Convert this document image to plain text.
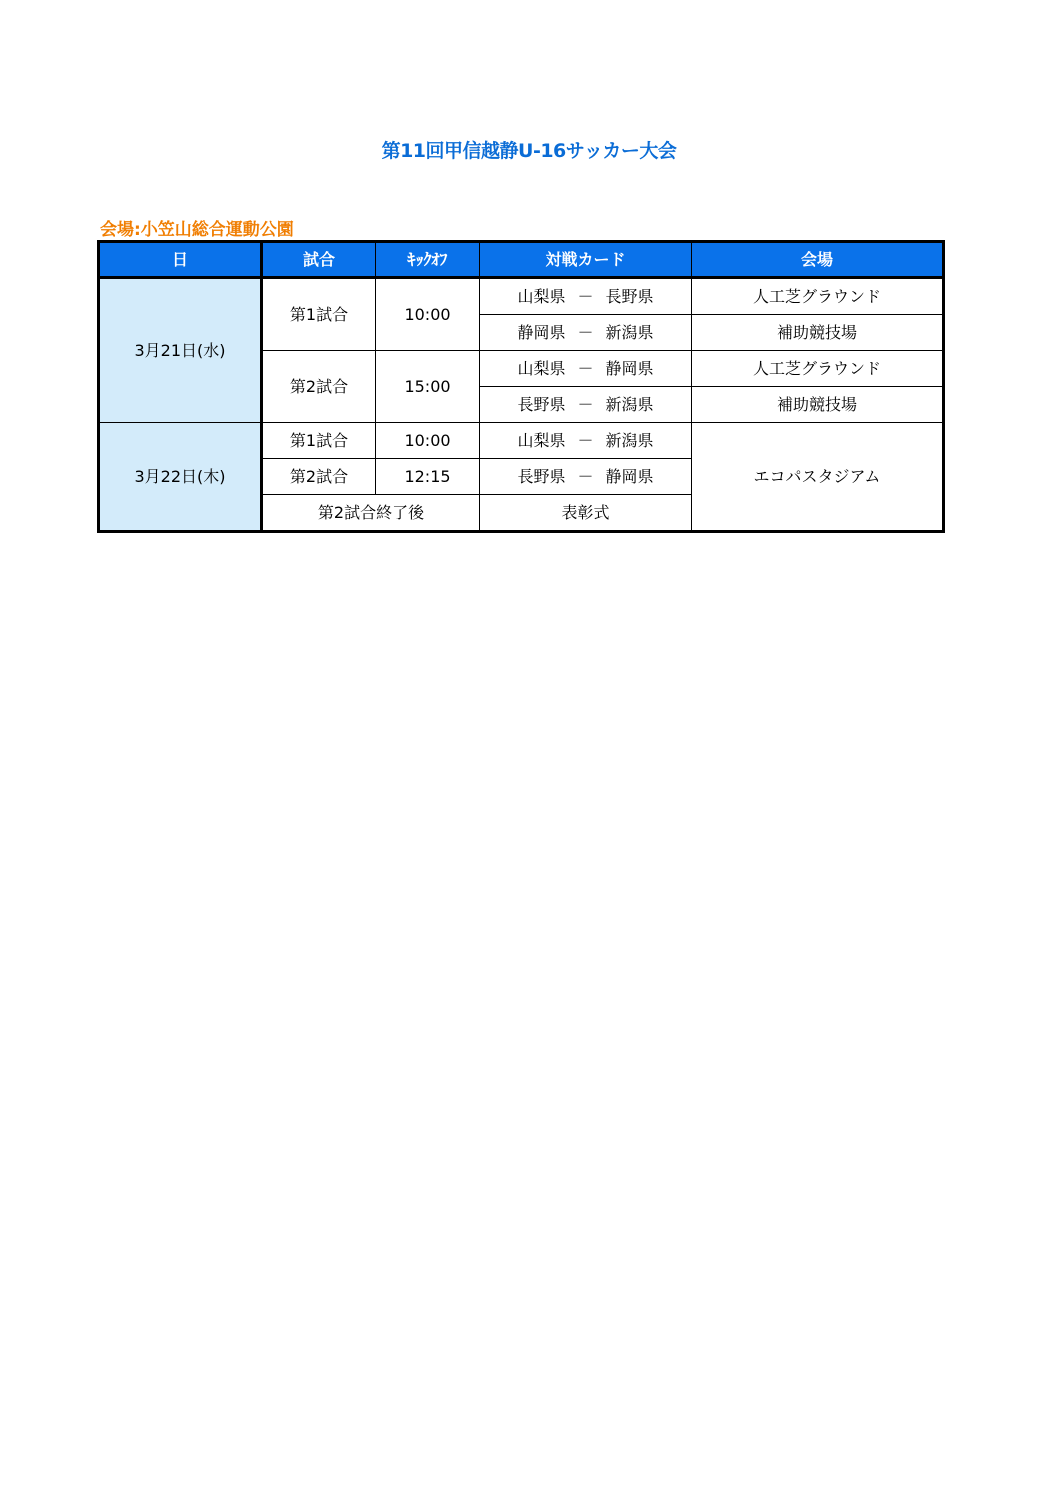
第11回甲信越静U-16サッカー大会
会場:小笠山総合運動公園
日	試合	ｷｯｸｵﾌ	対戦カード	会場
3月21日(水)	第1試合	10:00	山梨県 － 長野県	人工芝グラウンド
			静岡県 － 新潟県	補助競技場
	第2試合	15:00	山梨県 － 静岡県	人工芝グラウンド
			長野県 － 新潟県	補助競技場
3月22日(木)	第1試合	10:00	山梨県 － 新潟県	エコパスタジアム
	第2試合	12:15	長野県 － 静岡県	
	第2試合終了後		表彰式	
